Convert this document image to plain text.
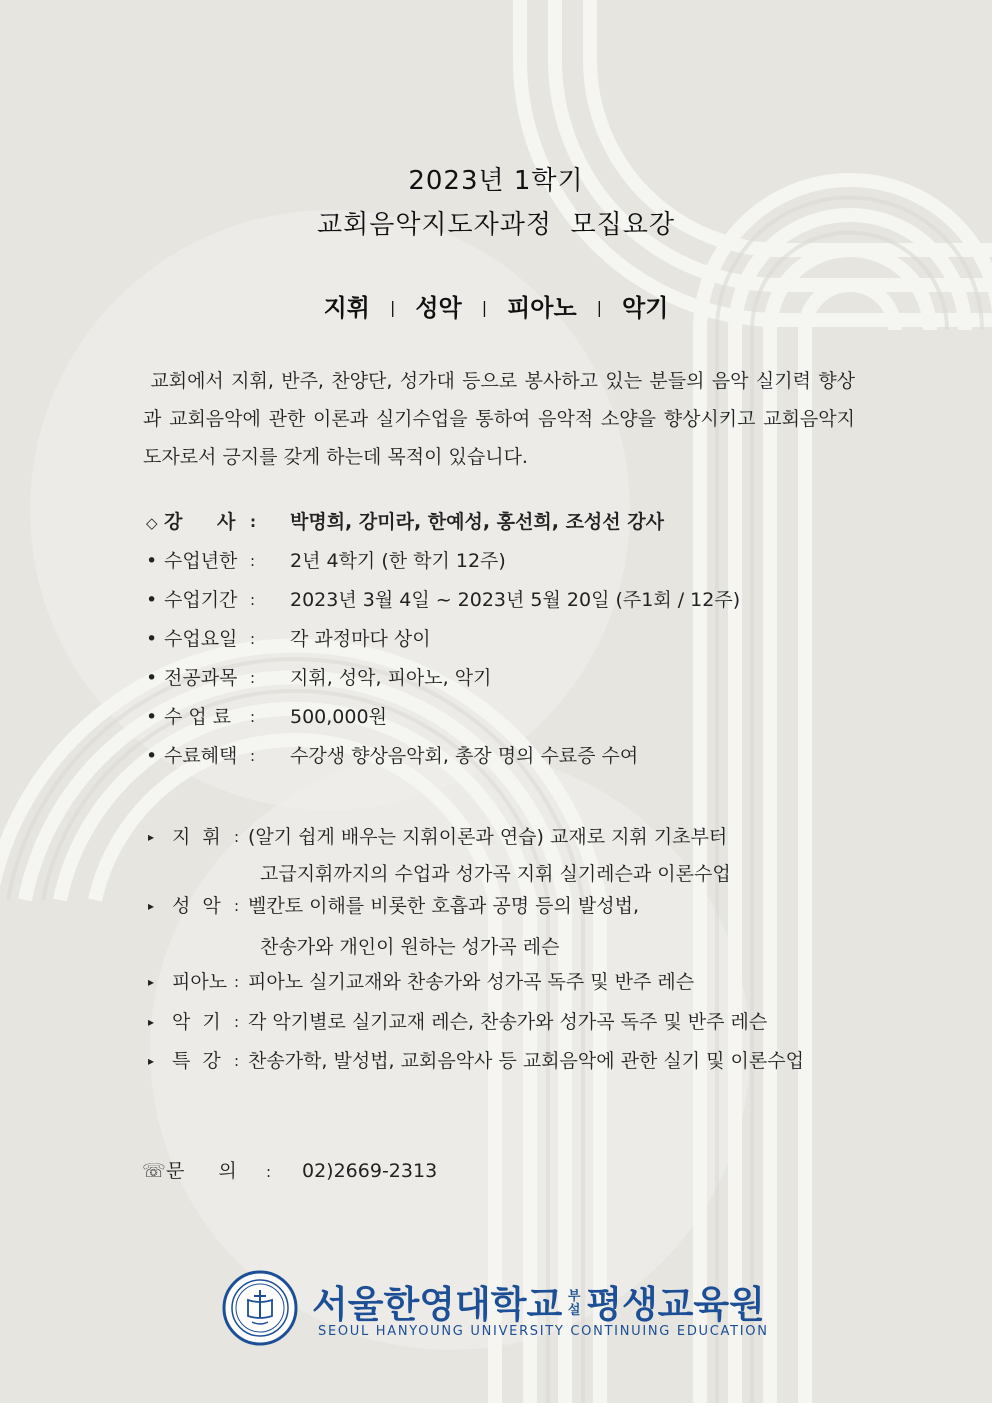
2023년 1학기
교회음악지도자과정  모집요강
지휘 | 성악 | 피아노 | 악기
교회에서 지휘, 반주, 찬양단, 성가대 등으로 봉사하고 있는 분들의 음악 실기력 향상과 교회음악에 관한 이론과 실기수업을 통하여 음악적 소양을 향상시키고 교회음악지도자로서 긍지를 갖게 하는데 목적이 있습니다.
◇ 강 사: 박명희, 강미라, 한예성, 홍선희, 조성선 강사
• 수업년한 : 2년 4학기 (한 학기 12주)
• 수업기간 : 2023년 3월 4일 ~ 2023년 5월 20일 (주1회 / 12주)
• 수업요일 : 각 과정마다 상이
• 전공과목 : 지휘, 성악, 피아노, 악기
• 수 업 료 : 500,000원
• 수료혜택 : 수강생 향상음악회, 총장 명의 수료증 수여
▸ 지  휘 : (알기 쉽게 배우는 지휘이론과 연습) 교재로 지휘 기초부터
고급지휘까지의 수업과 성가곡 지휘 실기레슨과 이론수업
▸ 성  악 : 벨칸토 이해를 비롯한 호흡과 공명 등의 발성법,
찬송가와 개인이 원하는 성가곡 레슨
▸ 피아노 : 피아노 실기교재와 찬송가와 성가곡 독주 및 반주 레슨
▸ 악  기 : 각 악기별로 실기교재 레슨, 찬송가와 성가곡 독주 및 반주 레슨
▸ 특  강 : 찬송가학, 발성법, 교회음악사 등 교회음악에 관한 실기 및 이론수업
☏문 의 : 02)2669-2313
서울한영대학교 부
설 평생교육원
SEOUL HANYOUNG UNIVERSITY CONTINUING EDUCATION
